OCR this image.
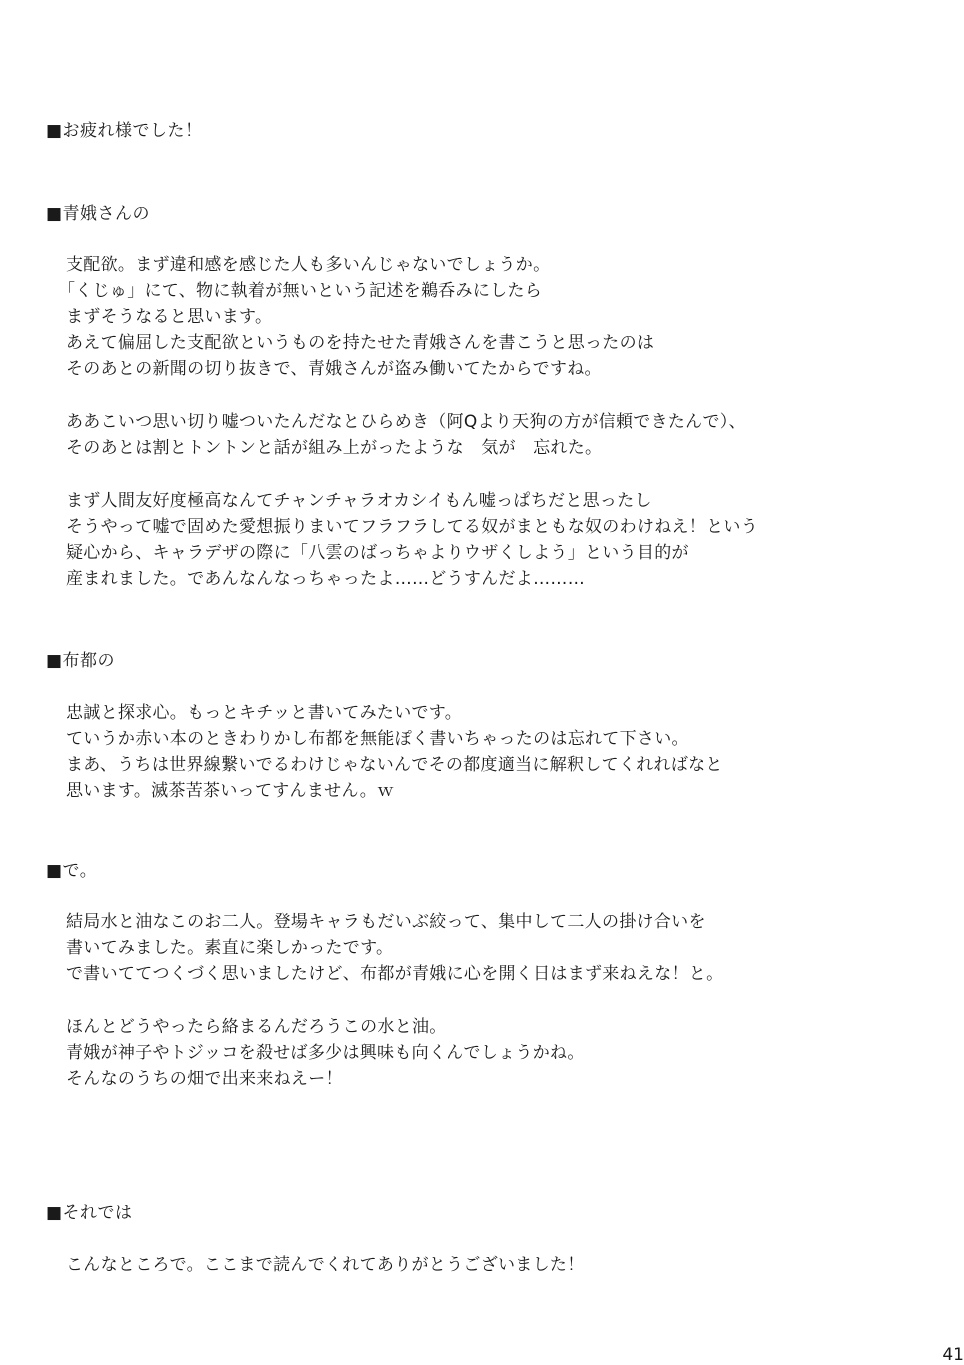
■お疲れ様でした！
■青娥さんの
支配欲。まず違和感を感じた人も多いんじゃないでしょうか。
「くじゅ」にて、物に執着が無いという記述を鵜呑みにしたら
まずそうなると思います。
あえて偏屈した支配欲というものを持たせた青娥さんを書こうと思ったのは
そのあとの新聞の切り抜きで、青娥さんが盗み働いてたからですね。
ああこいつ思い切り嘘ついたんだなとひらめき（阿Qより天狗の方が信頼できたんで）、
そのあとは割とトントンと話が組み上がったような　気が　忘れた。
まず人間友好度極高なんてチャンチャラオカシイもん嘘っぱちだと思ったし
そうやって嘘で固めた愛想振りまいてフラフラしてる奴がまともな奴のわけねえ！という
疑心から、キャラデザの際に「八雲のばっちゃよりウザくしよう」という目的が
産まれました。であんなんなっちゃったよ……どうすんだよ………
■布都の
忠誠と探求心。もっとキチッと書いてみたいです。
ていうか赤い本のときわりかし布都を無能ぽく書いちゃったのは忘れて下さい。
まあ、うちは世界線繋いでるわけじゃないんでその都度適当に解釈してくれればなと
思います。滅茶苦茶いってすんません。ｗ
■で。
結局水と油なこのお二人。登場キャラもだいぶ絞って、集中して二人の掛け合いを
書いてみました。素直に楽しかったです。
で書いててつくづく思いましたけど、布都が青娥に心を開く日はまず来ねえな！と。
ほんとどうやったら絡まるんだろうこの水と油。
青娥が神子やトジッコを殺せば多少は興味も向くんでしょうかね。
そんなのうちの畑で出来来ねえー！
■それでは
こんなところで。ここまで読んでくれてありがとうございました！
41
